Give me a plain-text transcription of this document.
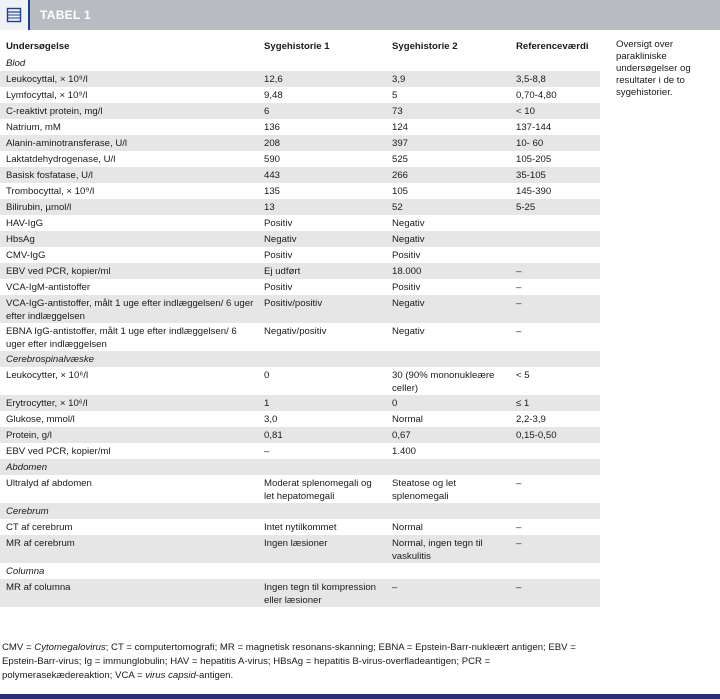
TABEL 1
Undersøgelse	Sygehistorie 1	Sygehistorie 2	Referenceværdi
Blod			
Leukocyttal, × 10⁹/l	12,6	3,9	3,5-8,8
Lymfocyttal, × 10⁹/l	9,48	5	0,70-4,80
C-reaktivt protein, mg/l	6	73	< 10
Natrium, mM	136	124	137-144
Alanin-aminotransferase, U/l	208	397	10- 60
Laktatdehydrogenase, U/l	590	525	105-205
Basisk fosfatase, U/l	443	266	35-105
Trombocyttal, × 10⁹/l	135	105	145-390
Bilirubin, µmol/l	13	52	5-25
HAV-IgG	Positiv	Negativ	
HbsAg	Negativ	Negativ	
CMV-IgG	Positiv	Positiv	
EBV ved PCR, kopier/ml	Ej udført	18.000	–
VCA-IgM-antistoffer	Positiv	Positiv	–
VCA-IgG-antistoffer, målt 1 uge efter indlæggelsen/ 6 uger efter indlæggelsen	Positiv/positiv	Negativ	–
EBNA IgG-antistoffer, målt 1 uge efter indlæggelsen/ 6 uger efter indlæggelsen	Negativ/positiv	Negativ	–
Cerebrospinalvæske			
Leukocytter, × 10⁶/l	0	30 (90% mononukleære celler)	< 5
Erytrocytter, × 10⁶/l	1	0	≤ 1
Glukose, mmol/l	3,0	Normal	2,2-3,9
Protein, g/l	0,81	0,67	0,15-0,50
EBV ved PCR, kopier/ml	–	1.400	
Abdomen			
Ultralyd af abdomen	Moderat splenomegali og let hepatomegali	Steatose og let splenomegali	–
Cerebrum			
CT af cerebrum	Intet nytilkommet	Normal	–
MR af cerebrum	Ingen læsioner	Normal, ingen tegn til vaskulitis	–
Columna			
MR af columna	Ingen tegn til kompression eller læsioner	–	–
Oversigt over parakliniske undersøgelser og resultater i de to sygehistorier.
CMV = Cytomegalovirus; CT = computertomografi; MR = magnetisk resonans-skanning; EBNA = Epstein-Barr-nukleært antigen; EBV = Epstein-Barr-virus; Ig = immunglobulin; HAV = hepatitis A-virus; HBsAg = hepatitis B-virus-overfladeantigen; PCR = polymerasekædereaktion; VCA = virus capsid-antigen.
